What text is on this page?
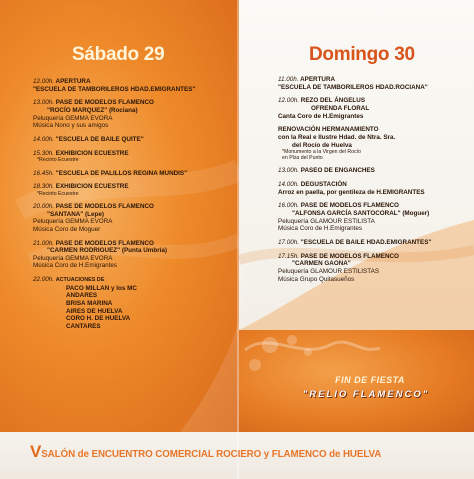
Sábado 29	Domingo 30
12.00h. APERTURA
"ESCUELA DE TAMBORILEROS HDAD.EMIGRANTES"
13.00h. PASE DE MODELOS FLAMENCO
"ROCÍO MARQUEZ" (Rociana)
Peluquería GEMMA EVORA
Música Nono y sus amigos
14.00h. "ESCUELA DE BAILE QUITE"
15.30h. EXHIBICION ECUESTRE
*Recinto Ecuestre
16.45h. "ESCUELA DE PALILLOS REGINA MUNDIS"
18.30h. EXHIBICION ECUESTRE
*Recinto Ecuestre
20.00h. PASE DE MODELOS FLAMENCO
"SANTANA" (Lepe)
Peluquería GEMMA EVORA
Música Coro de Moguer
21.00h. PASE DE MODELOS FLAMENCO
"CARMEN RODRIGUEZ" (Punta Umbría)
Peluquería GEMMA EVORA
Música Coro de H.Emigrantes
22.00h. ACTUACIONES DE
PACO MILLAN y los MC
ANDARES
BRISA MARINA
AIRES DE HUELVA
CORO H. DE HUELVA
CANTARES
11.00h. APERTURA
"ESCUELA DE TAMBORILEROS HDAD.ROCIANA"
12.00h. REZO DEL ÁNGELUS
OFRENDA FLORAL
Canta Coro de H.Emigrantes
RENOVACIÓN HERMANAMIENTO
con la Real e Ilustre Hdad. de Ntra. Sra.
del Rocío de Huelva
*Monumento a la Virgen del Rocío
en Plza del Punto
13.00h. PASEO DE ENGANCHES
14.00h. DEGUSTACIÓN
Arroz en paella, por gentileza de H.EMIGRANTES
16.00h. PASE DE MODELOS FLAMENCO
"ALFONSA GARCÍA SANTOCORAL" (Moguer)
Peluquería GLAMOUR ESTILISTA
Música Coro de H.Emigrantes
17.00h. "ESCUELA DE BAILE HDAD.EMIGRANTES"
17.15h. PASE DE MODELOS FLAMENCO
"CARMEN GAONA"
Peluquería GLAMOUR ESTILISTAS
Música Grupo Quitasueños
FIN DE FIESTA
"RELIO FLAMENCO"
VSALÓN de ENCUENTRO COMERCIAL ROCIERO y FLAMENCO de HUELVA
